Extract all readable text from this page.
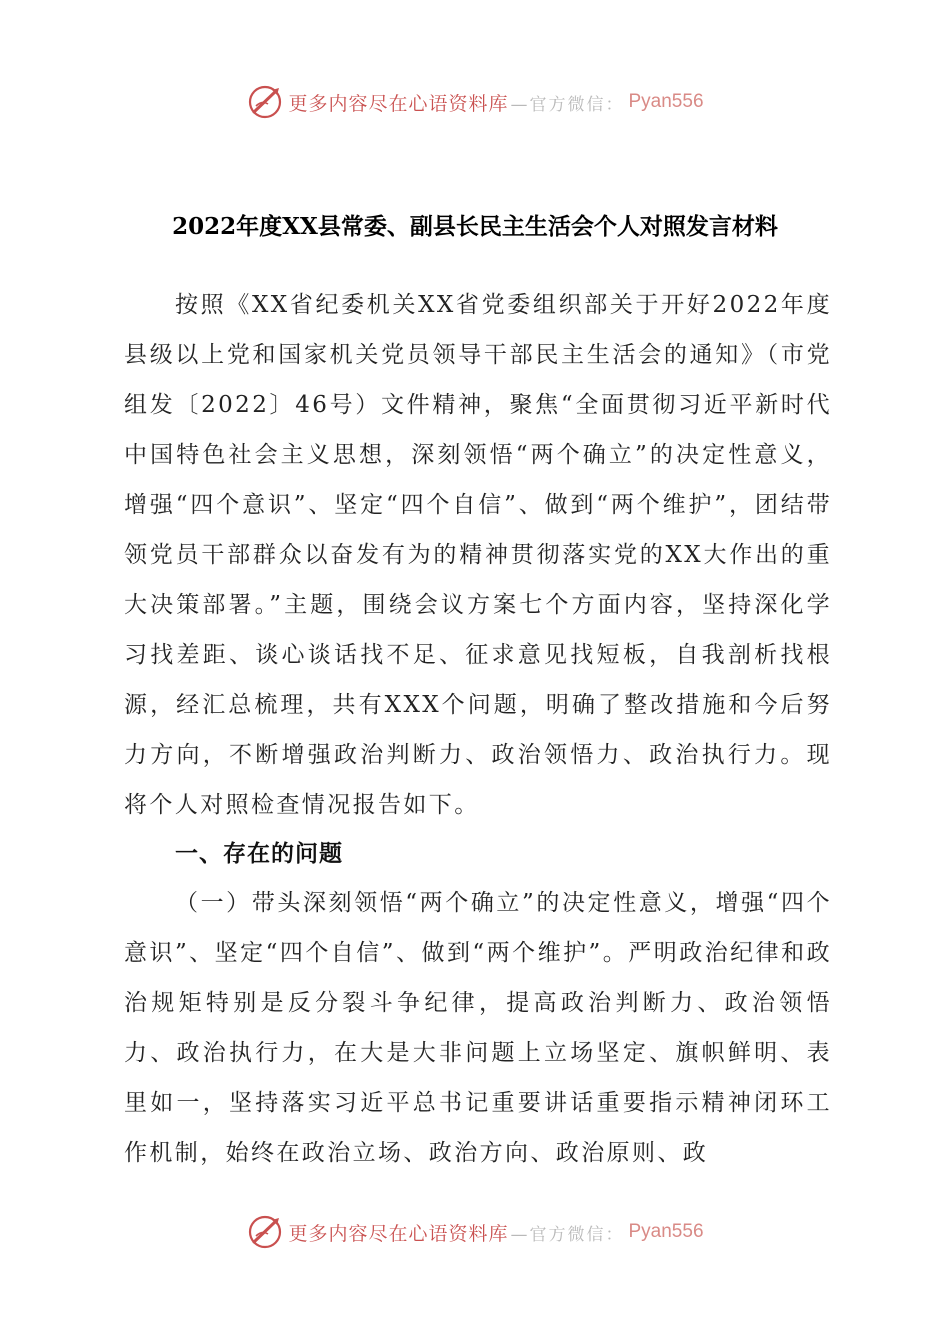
更多内容尽在心语资料库 —官方微信： Pyan556
2022年度XX县常委、副县长民主生活会个人对照发言材料
按照《XX省纪委机关XX省党委组织部关于开好2022年度县级以上党和国家机关党员领导干部民主生活会的通知》（市党组发〔2022〕46号）文件精神，聚焦“全面贯彻习近平新时代中国特色社会主义思想，深刻领悟“两个确立”的决定性意义，增强“四个意识”、坚定“四个自信”、做到“两个维护”，团结带领党员干部群众以奋发有为的精神贯彻落实党的XX大作出的重大决策部署。”主题，围绕会议方案七个方面内容，坚持深化学习找差距、谈心谈话找不足、征求意见找短板，自我剖析找根源，经汇总梳理，共有XXX个问题，明确了整改措施和今后努力方向，不断增强政治判断力、政治领悟力、政治执行力。现将个人对照检查情况报告如下。
一、存在的问题
（一）带头深刻领悟“两个确立”的决定性意义，增强“四个意识”、坚定“四个自信”、做到“两个维护”。严明政治纪律和政治规矩特别是反分裂斗争纪律，提高政治判断力、政治领悟力、政治执行力，在大是大非问题上立场坚定、旗帜鲜明、表里如一，坚持落实习近平总书记重要讲话重要指示精神闭环工作机制，始终在政治立场、政治方向、政治原则、政
更多内容尽在心语资料库 —官方微信： Pyan556
